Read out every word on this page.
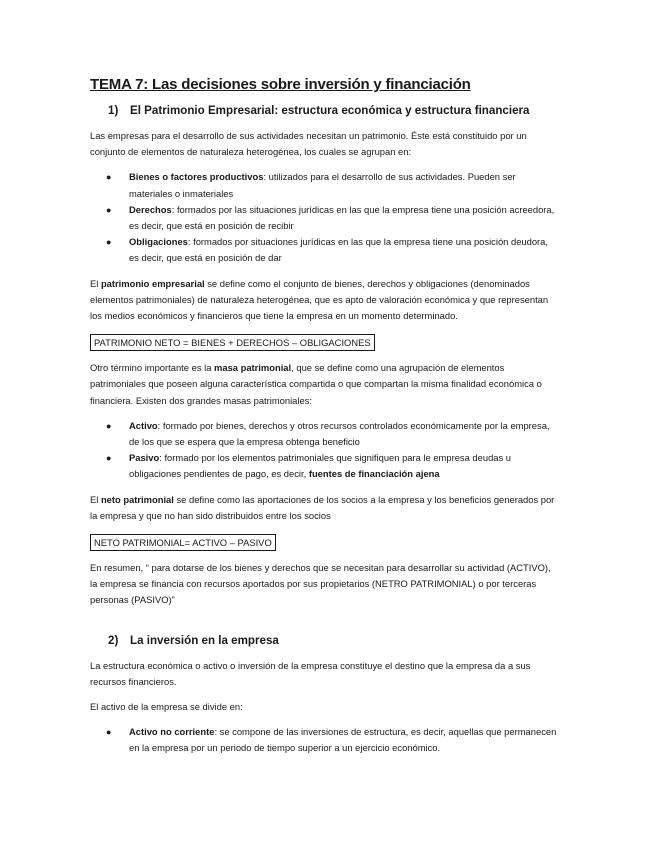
TEMA 7: Las decisiones sobre inversión y financiación
1)	El Patrimonio Empresarial: estructura económica y estructura financiera

Las empresas para el desarrollo de sus actividades necesitan un patrimonio. Éste está constituido por un conjunto de elementos de naturaleza heterogénea, los cuales se agrupan en:

● Bienes o factores productivos: utilizados para el desarrollo de sus actividades. Pueden ser materiales o inmateriales
● Derechos: formados por las situaciones jurídicas en las que la empresa tiene una posición acreedora, es decir, que está en posición de recibir
● Obligaciones: formados por situaciones jurídicas en las que la empresa tiene una posición deudora, es decir, que está en posición de dar

El patrimonio empresarial se define como el conjunto de bienes, derechos y obligaciones (denominados elementos patrimoniales) de naturaleza heterogénea, que es apto de valoración económica y que representan los medios económicos y financieros que tiene la empresa en un momento determinado.

PATRIMONIO NETO = BIENES + DERECHOS – OBLIGACIONES

Otro término importante es la masa patrimonial, que se define como una agrupación de elementos patrimoniales que poseen alguna característica compartida o que compartan la misma finalidad económica o financiera. Existen dos grandes masas patrimoniales:

● Activo: formado por bienes, derechos y otros recursos controlados económicamente por la empresa, de los que se espera que la empresa obtenga beneficio
● Pasivo: formado por los elementos patrimoniales que signifiquen para le empresa deudas u obligaciones pendientes de pago, es decir, fuentes de financiación ajena

El neto patrimonial se define como las aportaciones de los socios a la empresa y los beneficios generados por la empresa y que no han sido distribuidos entre los socios

NETO PATRIMONIAL= ACTIVO – PASIVO

En resumen, “ para dotarse de los bienes y derechos que se necesitan para desarrollar su actividad (ACTIVO), la empresa se financia con recursos aportados por sus propietarios (NETRO PATRIMONIAL) o por terceras personas (PASIVO)”

2)	La inversión en la empresa

La estructura económica o activo o inversión de la empresa constituye el destino que la empresa da a sus recursos financieros.

El activo de la empresa se divide en:

● Activo no corriente: se compone de las inversiones de estructura, es decir, aquellas que permanecen en la empresa por un periodo de tiempo superior a un ejercicio económico.
